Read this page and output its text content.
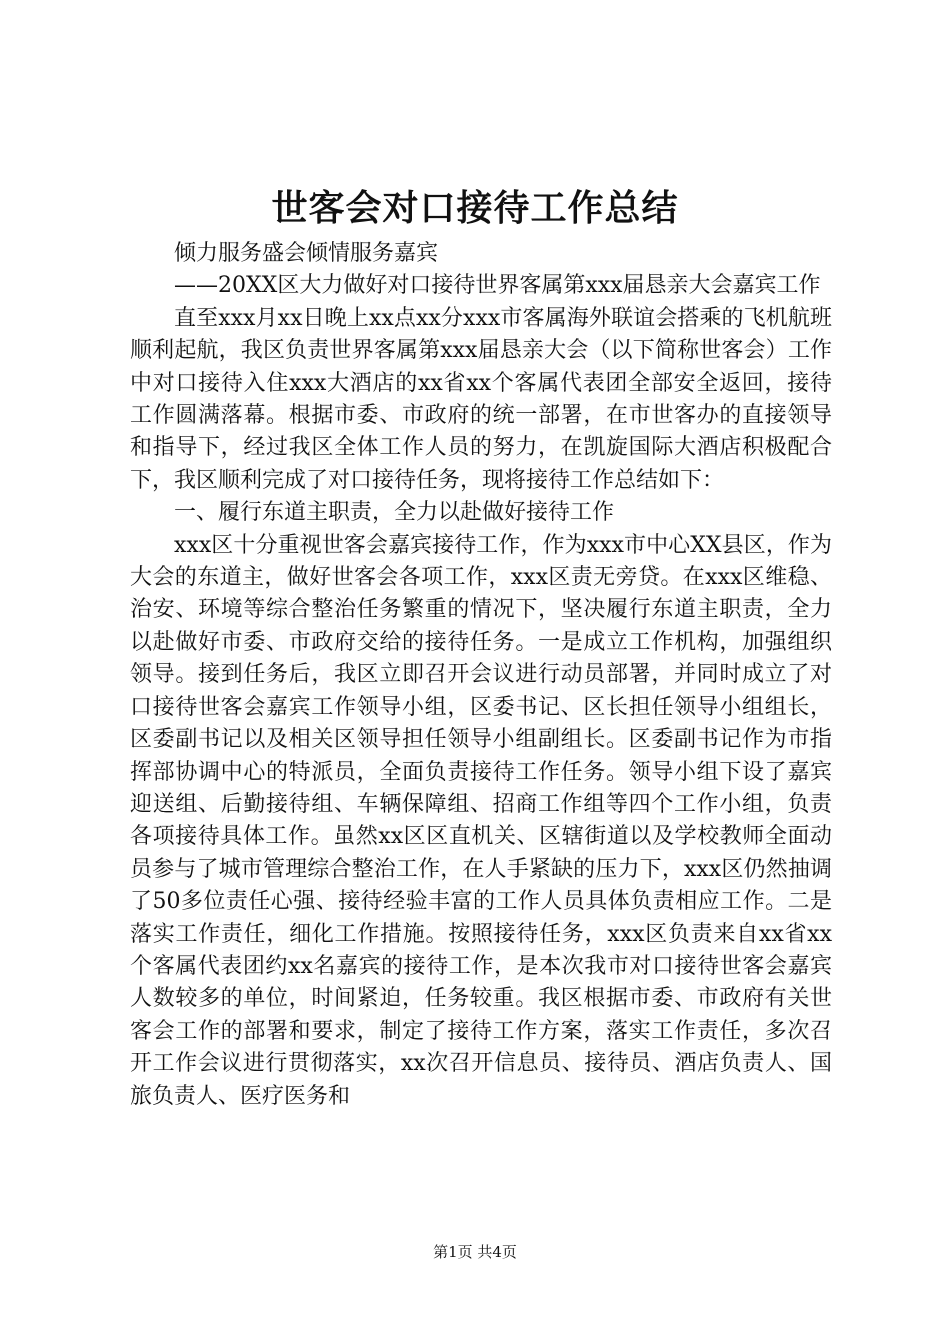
世客会对口接待工作总结

倾力服务盛会倾情服务嘉宾

——20XX区大力做好对口接待世界客属第xxx届恳亲大会嘉宾工作

直至xxx月xx日晚上xx点xx分xxx市客属海外联谊会搭乘的飞机航班顺利起航，我区负责世界客属第xxx届恳亲大会（以下简称世客会）工作中对口接待入住xxx大酒店的xx省xx个客属代表团全部安全返回，接待工作圆满落幕。根据市委、市政府的统一部署，在市世客办的直接领导和指导下，经过我区全体工作人员的努力，在凯旋国际大酒店积极配合下，我区顺利完成了对口接待任务，现将接待工作总结如下：

一、履行东道主职责，全力以赴做好接待工作

xxx区十分重视世客会嘉宾接待工作，作为xxx市中心XX县区，作为大会的东道主，做好世客会各项工作，xxx区责无旁贷。在xxx区维稳、治安、环境等综合整治任务繁重的情况下，坚决履行东道主职责，全力以赴做好市委、市政府交给的接待任务。一是成立工作机构，加强组织领导。接到任务后，我区立即召开会议进行动员部署，并同时成立了对口接待世客会嘉宾工作领导小组，区委书记、区长担任领导小组组长，区委副书记以及相关区领导担任领导小组副组长。区委副书记作为市指挥部协调中心的特派员，全面负责接待工作任务。领导小组下设了嘉宾迎送组、后勤接待组、车辆保障组、招商工作组等四个工作小组，负责各项接待具体工作。虽然xx区区直机关、区辖街道以及学校教师全面动员参与了城市管理综合整治工作，在人手紧缺的压力下，xxx区仍然抽调了50多位责任心强、接待经验丰富的工作人员具体负责相应工作。二是落实工作责任，细化工作措施。按照接待任务，xxx区负责来自xx省xx个客属代表团约xx名嘉宾的接待工作，是本次我市对口接待世客会嘉宾人数较多的单位，时间紧迫，任务较重。我区根据市委、市政府有关世客会工作的部署和要求，制定了接待工作方案，落实工作责任，多次召开工作会议进行贯彻落实，xx次召开信息员、接待员、酒店负责人、国旅负责人、医疗医务和

第1页 共4页
